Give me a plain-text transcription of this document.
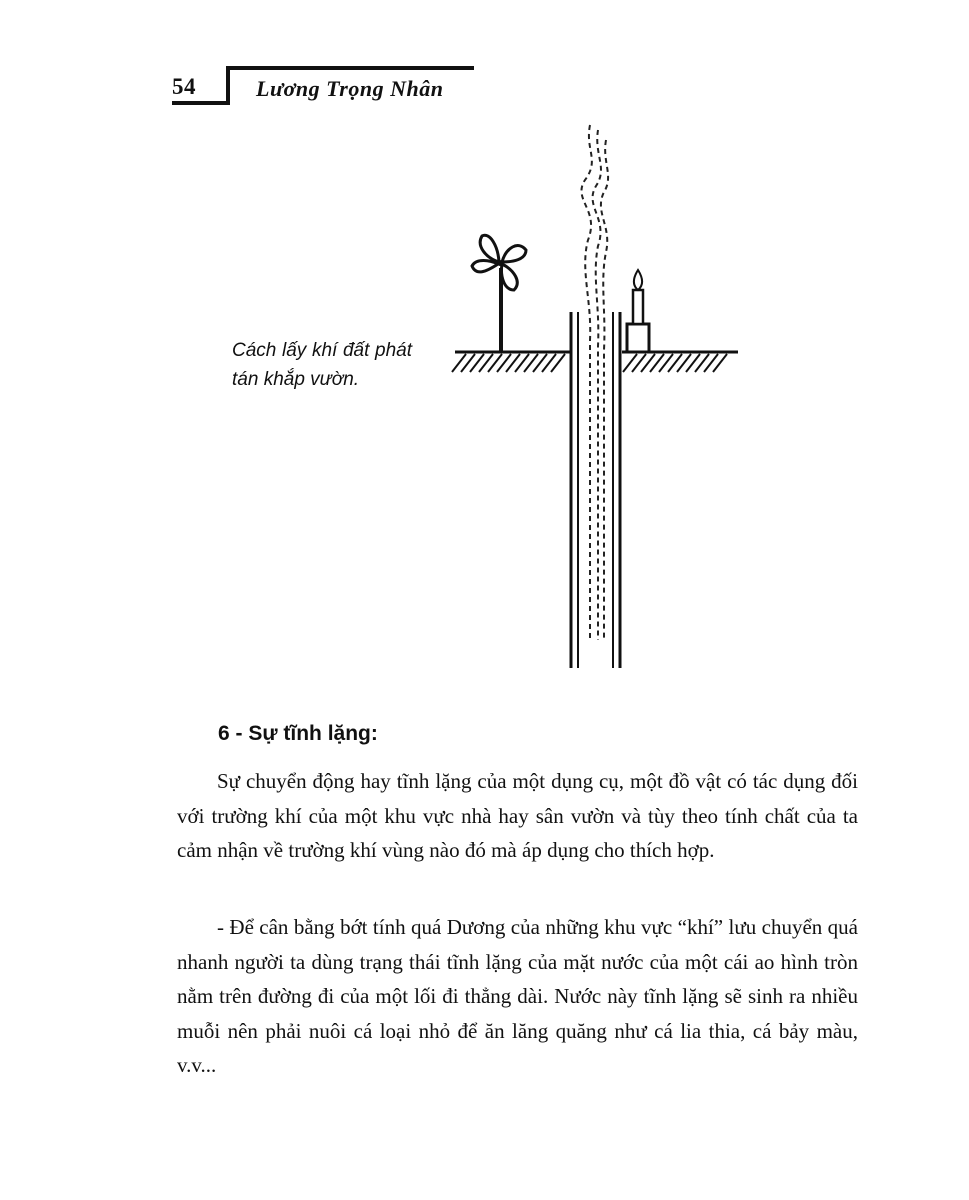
54	Lương Trọng Nhân
Cách lấy khí đất phát tán khắp vườn.
6 - Sự tĩnh lặng:

Sự chuyển động hay tĩnh lặng của một dụng cụ, một đồ vật có tác dụng đối với trường khí của một khu vực nhà hay sân vườn và tùy theo tính chất của ta cảm nhận về trường khí vùng nào đó mà áp dụng cho thích hợp.

- Để cân bằng bớt tính quá Dương của những khu vực “khí” lưu chuyển quá nhanh người ta dùng trạng thái tĩnh lặng của mặt nước của một cái ao hình tròn nằm trên đường đi của một lối đi thẳng dài. Nước này tĩnh lặng sẽ sinh ra nhiều muỗi nên phải nuôi cá loại nhỏ để ăn lăng quăng như cá lia thia, cá bảy màu, v.v...
